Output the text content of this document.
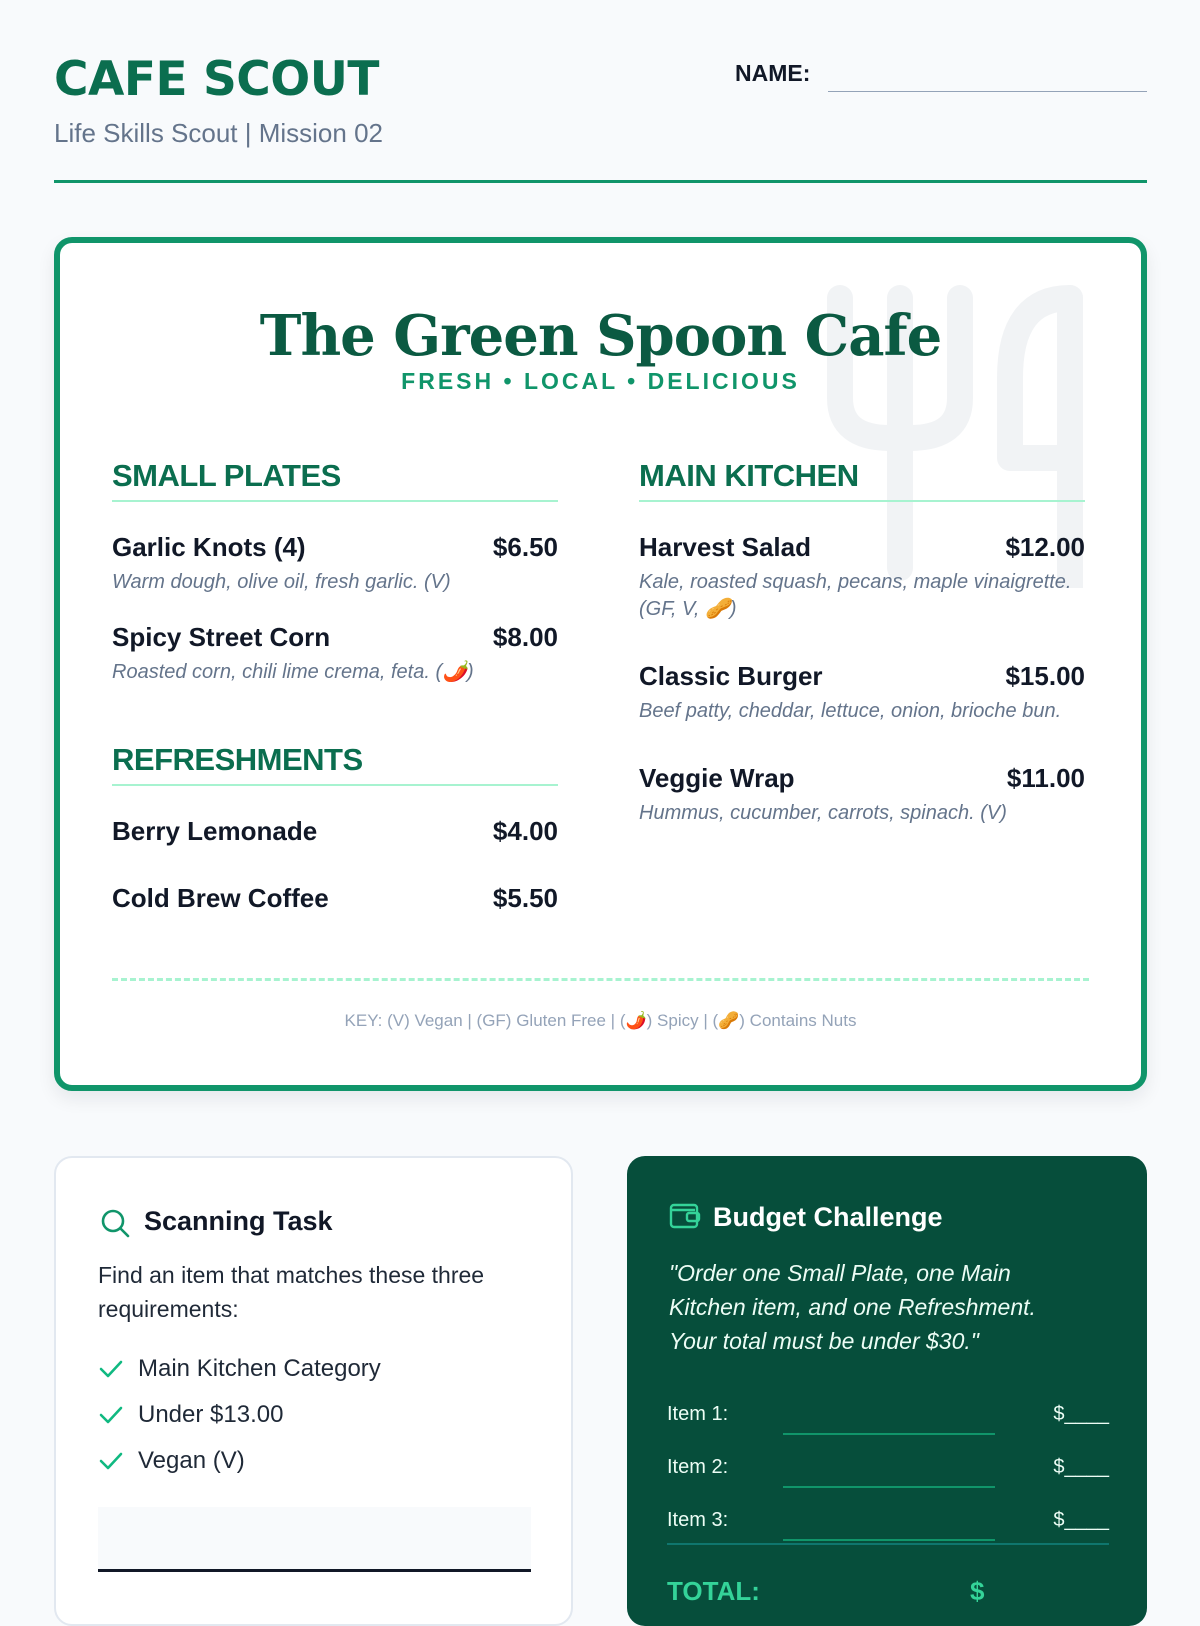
CAFE SCOUT
Life Skills Scout | Mission 02
NAME:
The Green Spoon Cafe
FRESH • LOCAL • DELICIOUS
SMALL PLATES
Garlic Knots (4)	$6.50
Warm dough, olive oil, fresh garlic. (V)
Spicy Street Corn	$8.00
Roasted corn, chili lime crema, feta. (🌶️)
REFRESHMENTS
Berry Lemonade	$4.00
Cold Brew Coffee	$5.50
MAIN KITCHEN
Harvest Salad	$12.00
Kale, roasted squash, pecans, maple vinaigrette. (GF, V, 🥜)
Classic Burger	$15.00
Beef patty, cheddar, lettuce, onion, brioche bun.
Veggie Wrap	$11.00
Hummus, cucumber, carrots, spinach. (V)
KEY: (V) Vegan | (GF) Gluten Free | (🌶️) Spicy | (🥜) Contains Nuts
Scanning Task
Find an item that matches these three requirements:
Main Kitchen Category
Under $13.00
Vegan (V)
Budget Challenge
"Order one Small Plate, one Main Kitchen item, and one Refreshment. Your total must be under $30."
Item 1:	$____
Item 2:	$____
Item 3:	$____
TOTAL:	$
